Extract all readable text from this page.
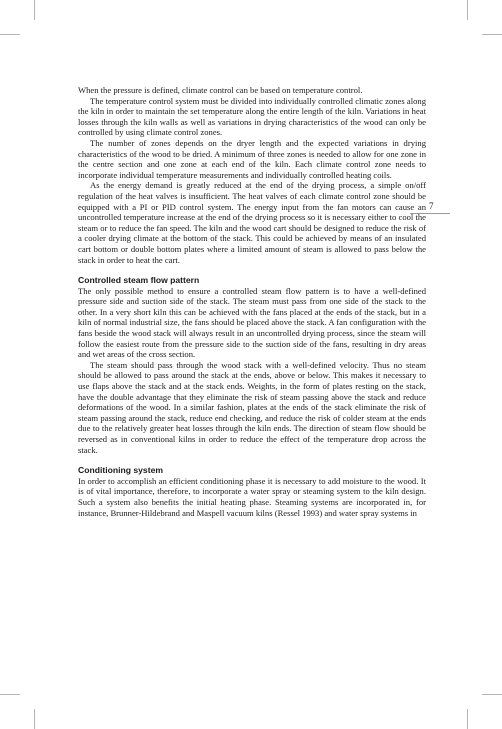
7

When the pressure is defined, climate control can be based on temperature control.

The temperature control system must be divided into individually controlled climatic zones along the kiln in order to maintain the set temperature along the entire length of the kiln. Variations in heat losses through the kiln walls as well as variations in drying characteristics of the wood can only be controlled by using climate control zones.

The number of zones depends on the dryer length and the expected variations in drying characteristics of the wood to be dried. A minimum of three zones is needed to allow for one zone in the centre section and one zone at each end of the kiln. Each climate control zone needs to incorporate individual temperature measurements and individually controlled heating coils.

As the energy demand is greatly reduced at the end of the drying process, a simple on/off regulation of the heat valves is insufficient. The heat valves of each climate control zone should be equipped with a PI or PID control system. The energy input from the fan motors can cause an uncontrolled temperature increase at the end of the drying process so it is necessary either to cool the steam or to reduce the fan speed. The kiln and the wood cart should be designed to reduce the risk of a cooler drying climate at the bottom of the stack. This could be achieved by means of an insulated cart bottom or double bottom plates where a limited amount of steam is allowed to pass below the stack in order to heat the cart.

Controlled steam flow pattern

The only possible method to ensure a controlled steam flow pattern is to have a well-defined pressure side and suction side of the stack. The steam must pass from one side of the stack to the other. In a very short kiln this can be achieved with the fans placed at the ends of the stack, but in a kiln of normal industrial size, the fans should be placed above the stack. A fan configuration with the fans beside the wood stack will always result in an uncontrolled drying process, since the steam will follow the easiest route from the pressure side to the suction side of the fans, resulting in dry areas and wet areas of the cross section.

The steam should pass through the wood stack with a well-defined velocity. Thus no steam should be allowed to pass around the stack at the ends, above or below. This makes it necessary to use flaps above the stack and at the stack ends. Weights, in the form of plates resting on the stack, have the double advantage that they eliminate the risk of steam passing above the stack and reduce deformations of the wood. In a similar fashion, plates at the ends of the stack eliminate the risk of steam passing around the stack, reduce end checking, and reduce the risk of colder steam at the ends due to the relatively greater heat losses through the kiln ends. The direction of steam flow should be reversed as in conventional kilns in order to reduce the effect of the temperature drop across the stack.

Conditioning system

In order to accomplish an efficient conditioning phase it is necessary to add moisture to the wood. It is of vital importance, therefore, to incorporate a water spray or steaming system to the kiln design. Such a system also benefits the initial heating phase. Steaming systems are incorporated in, for instance, Brunner-Hildebrand and Maspell vacuum kilns (Ressel 1993) and water spray systems in
